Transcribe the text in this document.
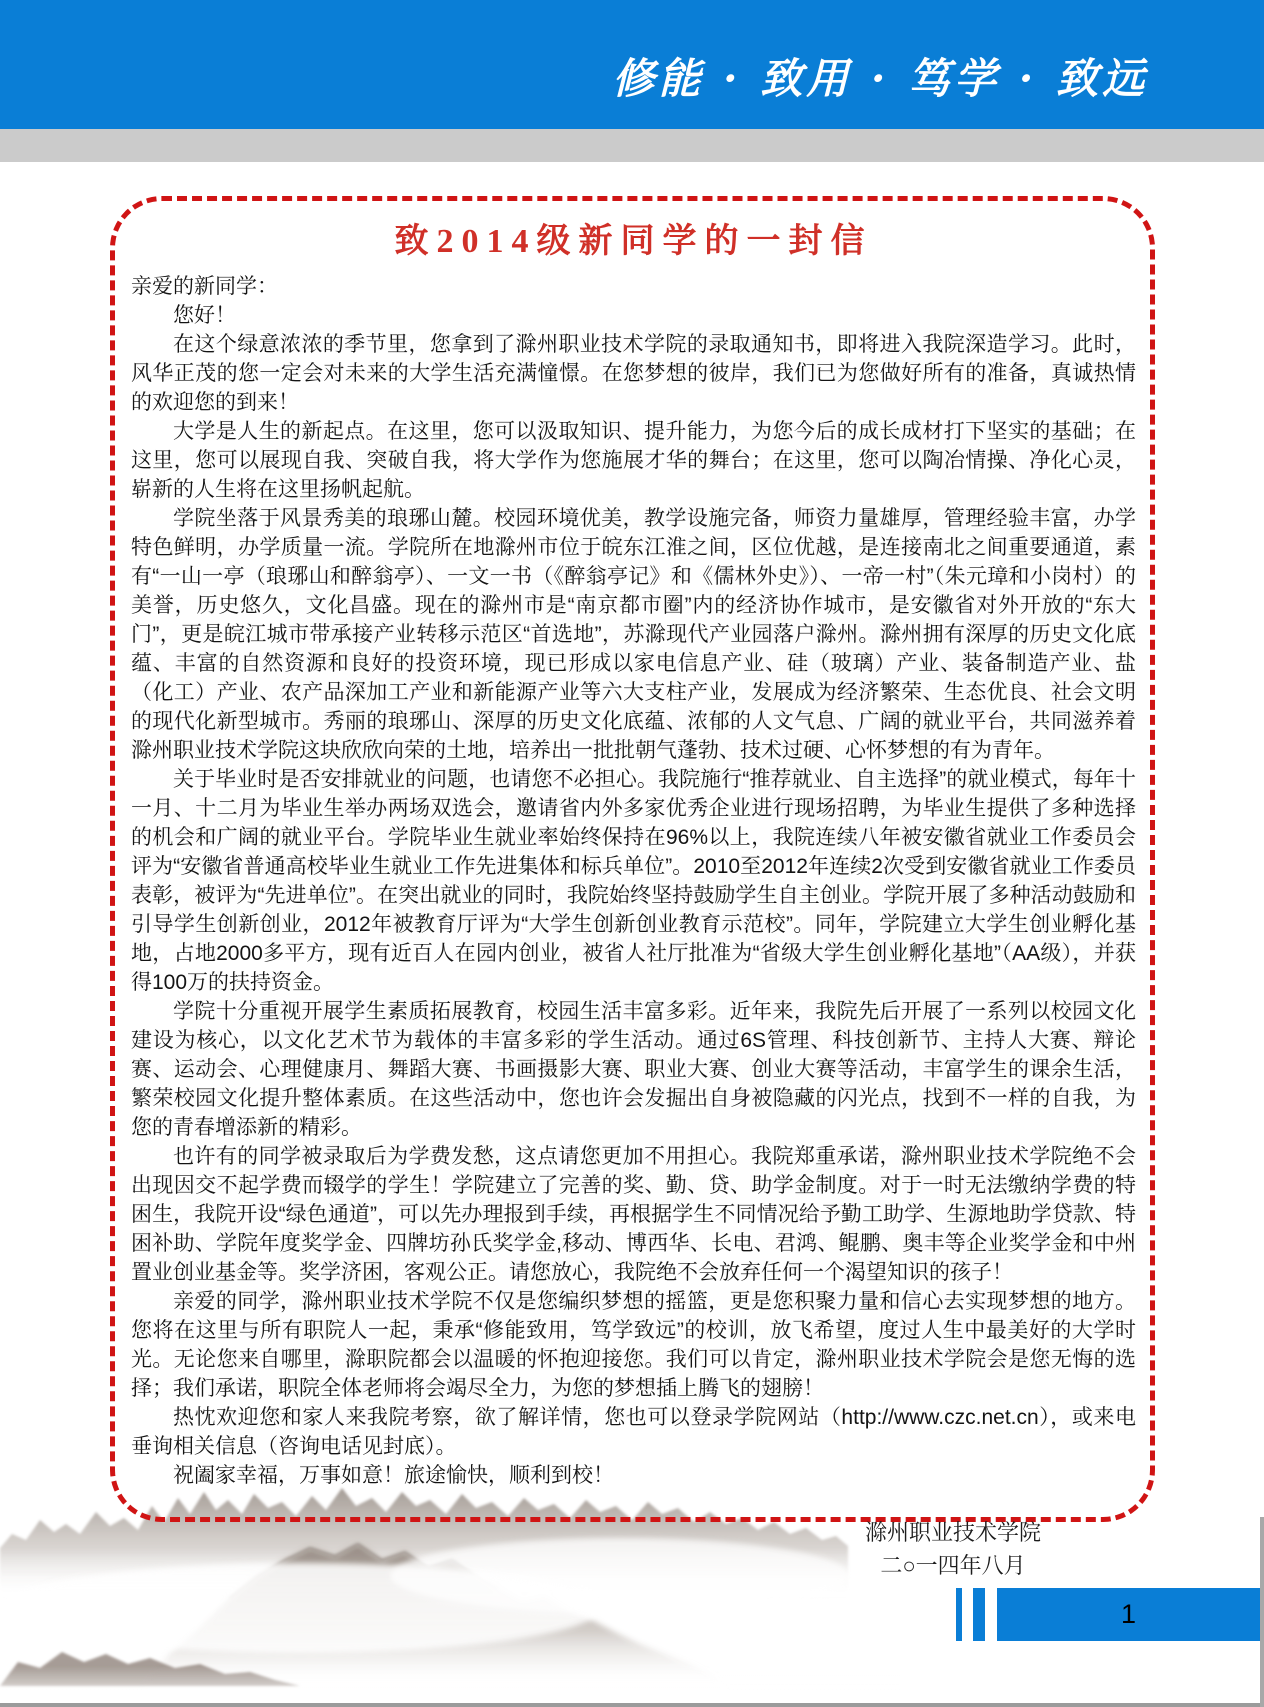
修能 · 致用 · 笃学 · 致远
致2014级新同学的一封信

亲爱的新同学：

您好！

在这个绿意浓浓的季节里，您拿到了滁州职业技术学院的录取通知书，即将进入我院深造学习。此时，风华正茂的您一定会对未来的大学生活充满憧憬。在您梦想的彼岸，我们已为您做好所有的准备，真诚热情的欢迎您的到来！

大学是人生的新起点。在这里，您可以汲取知识、提升能力，为您今后的成长成材打下坚实的基础；在这里，您可以展现自我、突破自我，将大学作为您施展才华的舞台；在这里，您可以陶冶情操、净化心灵，崭新的人生将在这里扬帆起航。

学院坐落于风景秀美的琅琊山麓。校园环境优美，教学设施完备，师资力量雄厚，管理经验丰富，办学特色鲜明，办学质量一流。学院所在地滁州市位于皖东江淮之间，区位优越，是连接南北之间重要通道，素有“一山一亭（琅琊山和醉翁亭）、一文一书（《醉翁亭记》和《儒林外史》）、一帝一村”（朱元璋和小岗村）的美誉，历史悠久，文化昌盛。现在的滁州市是“南京都市圈”内的经济协作城市，是安徽省对外开放的“东大门”，更是皖江城市带承接产业转移示范区“首选地”，苏滁现代产业园落户滁州。滁州拥有深厚的历史文化底蕴、丰富的自然资源和良好的投资环境，现已形成以家电信息产业、硅（玻璃）产业、装备制造产业、盐（化工）产业、农产品深加工产业和新能源产业等六大支柱产业，发展成为经济繁荣、生态优良、社会文明的现代化新型城市。秀丽的琅琊山、深厚的历史文化底蕴、浓郁的人文气息、广阔的就业平台，共同滋养着滁州职业技术学院这块欣欣向荣的土地，培养出一批批朝气蓬勃、技术过硬、心怀梦想的有为青年。

关于毕业时是否安排就业的问题，也请您不必担心。我院施行“推荐就业、自主选择”的就业模式，每年十一月、十二月为毕业生举办两场双选会，邀请省内外多家优秀企业进行现场招聘，为毕业生提供了多种选择的机会和广阔的就业平台。学院毕业生就业率始终保持在96%以上，我院连续八年被安徽省就业工作委员会评为“安徽省普通高校毕业生就业工作先进集体和标兵单位”。2010至2012年连续2次受到安徽省就业工作委员表彰，被评为“先进单位”。在突出就业的同时，我院始终坚持鼓励学生自主创业。学院开展了多种活动鼓励和引导学生创新创业，2012年被教育厅评为“大学生创新创业教育示范校”。同年，学院建立大学生创业孵化基地，占地2000多平方，现有近百人在园内创业，被省人社厅批准为“省级大学生创业孵化基地”（AA级），并获得100万的扶持资金。

学院十分重视开展学生素质拓展教育，校园生活丰富多彩。近年来，我院先后开展了一系列以校园文化建设为核心，以文化艺术节为载体的丰富多彩的学生活动。通过6S管理、科技创新节、主持人大赛、辩论赛、运动会、心理健康月、舞蹈大赛、书画摄影大赛、职业大赛、创业大赛等活动，丰富学生的课余生活，繁荣校园文化提升整体素质。在这些活动中，您也许会发掘出自身被隐藏的闪光点，找到不一样的自我，为您的青春增添新的精彩。

也许有的同学被录取后为学费发愁，这点请您更加不用担心。我院郑重承诺，滁州职业技术学院绝不会出现因交不起学费而辍学的学生！学院建立了完善的奖、勤、贷、助学金制度。对于一时无法缴纳学费的特困生，我院开设“绿色通道”，可以先办理报到手续，再根据学生不同情况给予勤工助学、生源地助学贷款、特困补助、学院年度奖学金、四牌坊孙氏奖学金,移动、博西华、长电、君鸿、鲲鹏、奥丰等企业奖学金和中州置业创业基金等。奖学济困，客观公正。请您放心，我院绝不会放弃任何一个渴望知识的孩子！

亲爱的同学，滁州职业技术学院不仅是您编织梦想的摇篮，更是您积聚力量和信心去实现梦想的地方。您将在这里与所有职院人一起，秉承“修能致用，笃学致远”的校训，放飞希望，度过人生中最美好的大学时光。无论您来自哪里，滁职院都会以温暖的怀抱迎接您。我们可以肯定，滁州职业技术学院会是您无悔的选择；我们承诺，职院全体老师将会竭尽全力，为您的梦想插上腾飞的翅膀！

热忱欢迎您和家人来我院考察，欲了解详情，您也可以登录学院网站（http://www.czc.net.cn），或来电垂询相关信息（咨询电话见封底）。

祝阖家幸福，万事如意！旅途愉快，顺利到校！

滁州职业技术学院
二○一四年八月
1
